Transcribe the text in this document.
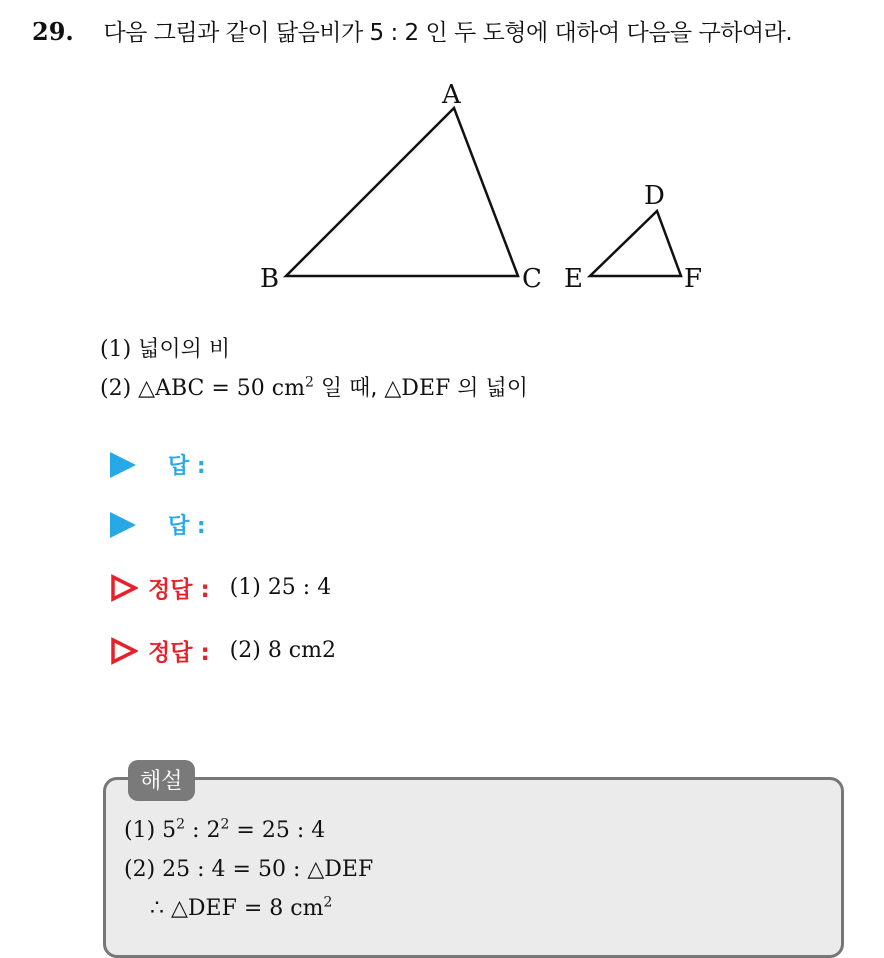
29. 다음 그림과 같이 닮음비가 5 : 2 인 두 도형에 대하여 다음을 구하여라.
A
B	C
D
E	F
(1) 넓이의 비
(2) △ABC = 50 $cm^2$ 일 때, △DEF 의 넓이
답 :
답 :
정답 : (1) 25 : 4
정답 : (2) 8 cm 2
해설
(1) $5^2$ : $2^2 = 25$ : 4
(2) 25 : 4 = 50 : △DEF
∴ △DEF = 8 $cm^2$
